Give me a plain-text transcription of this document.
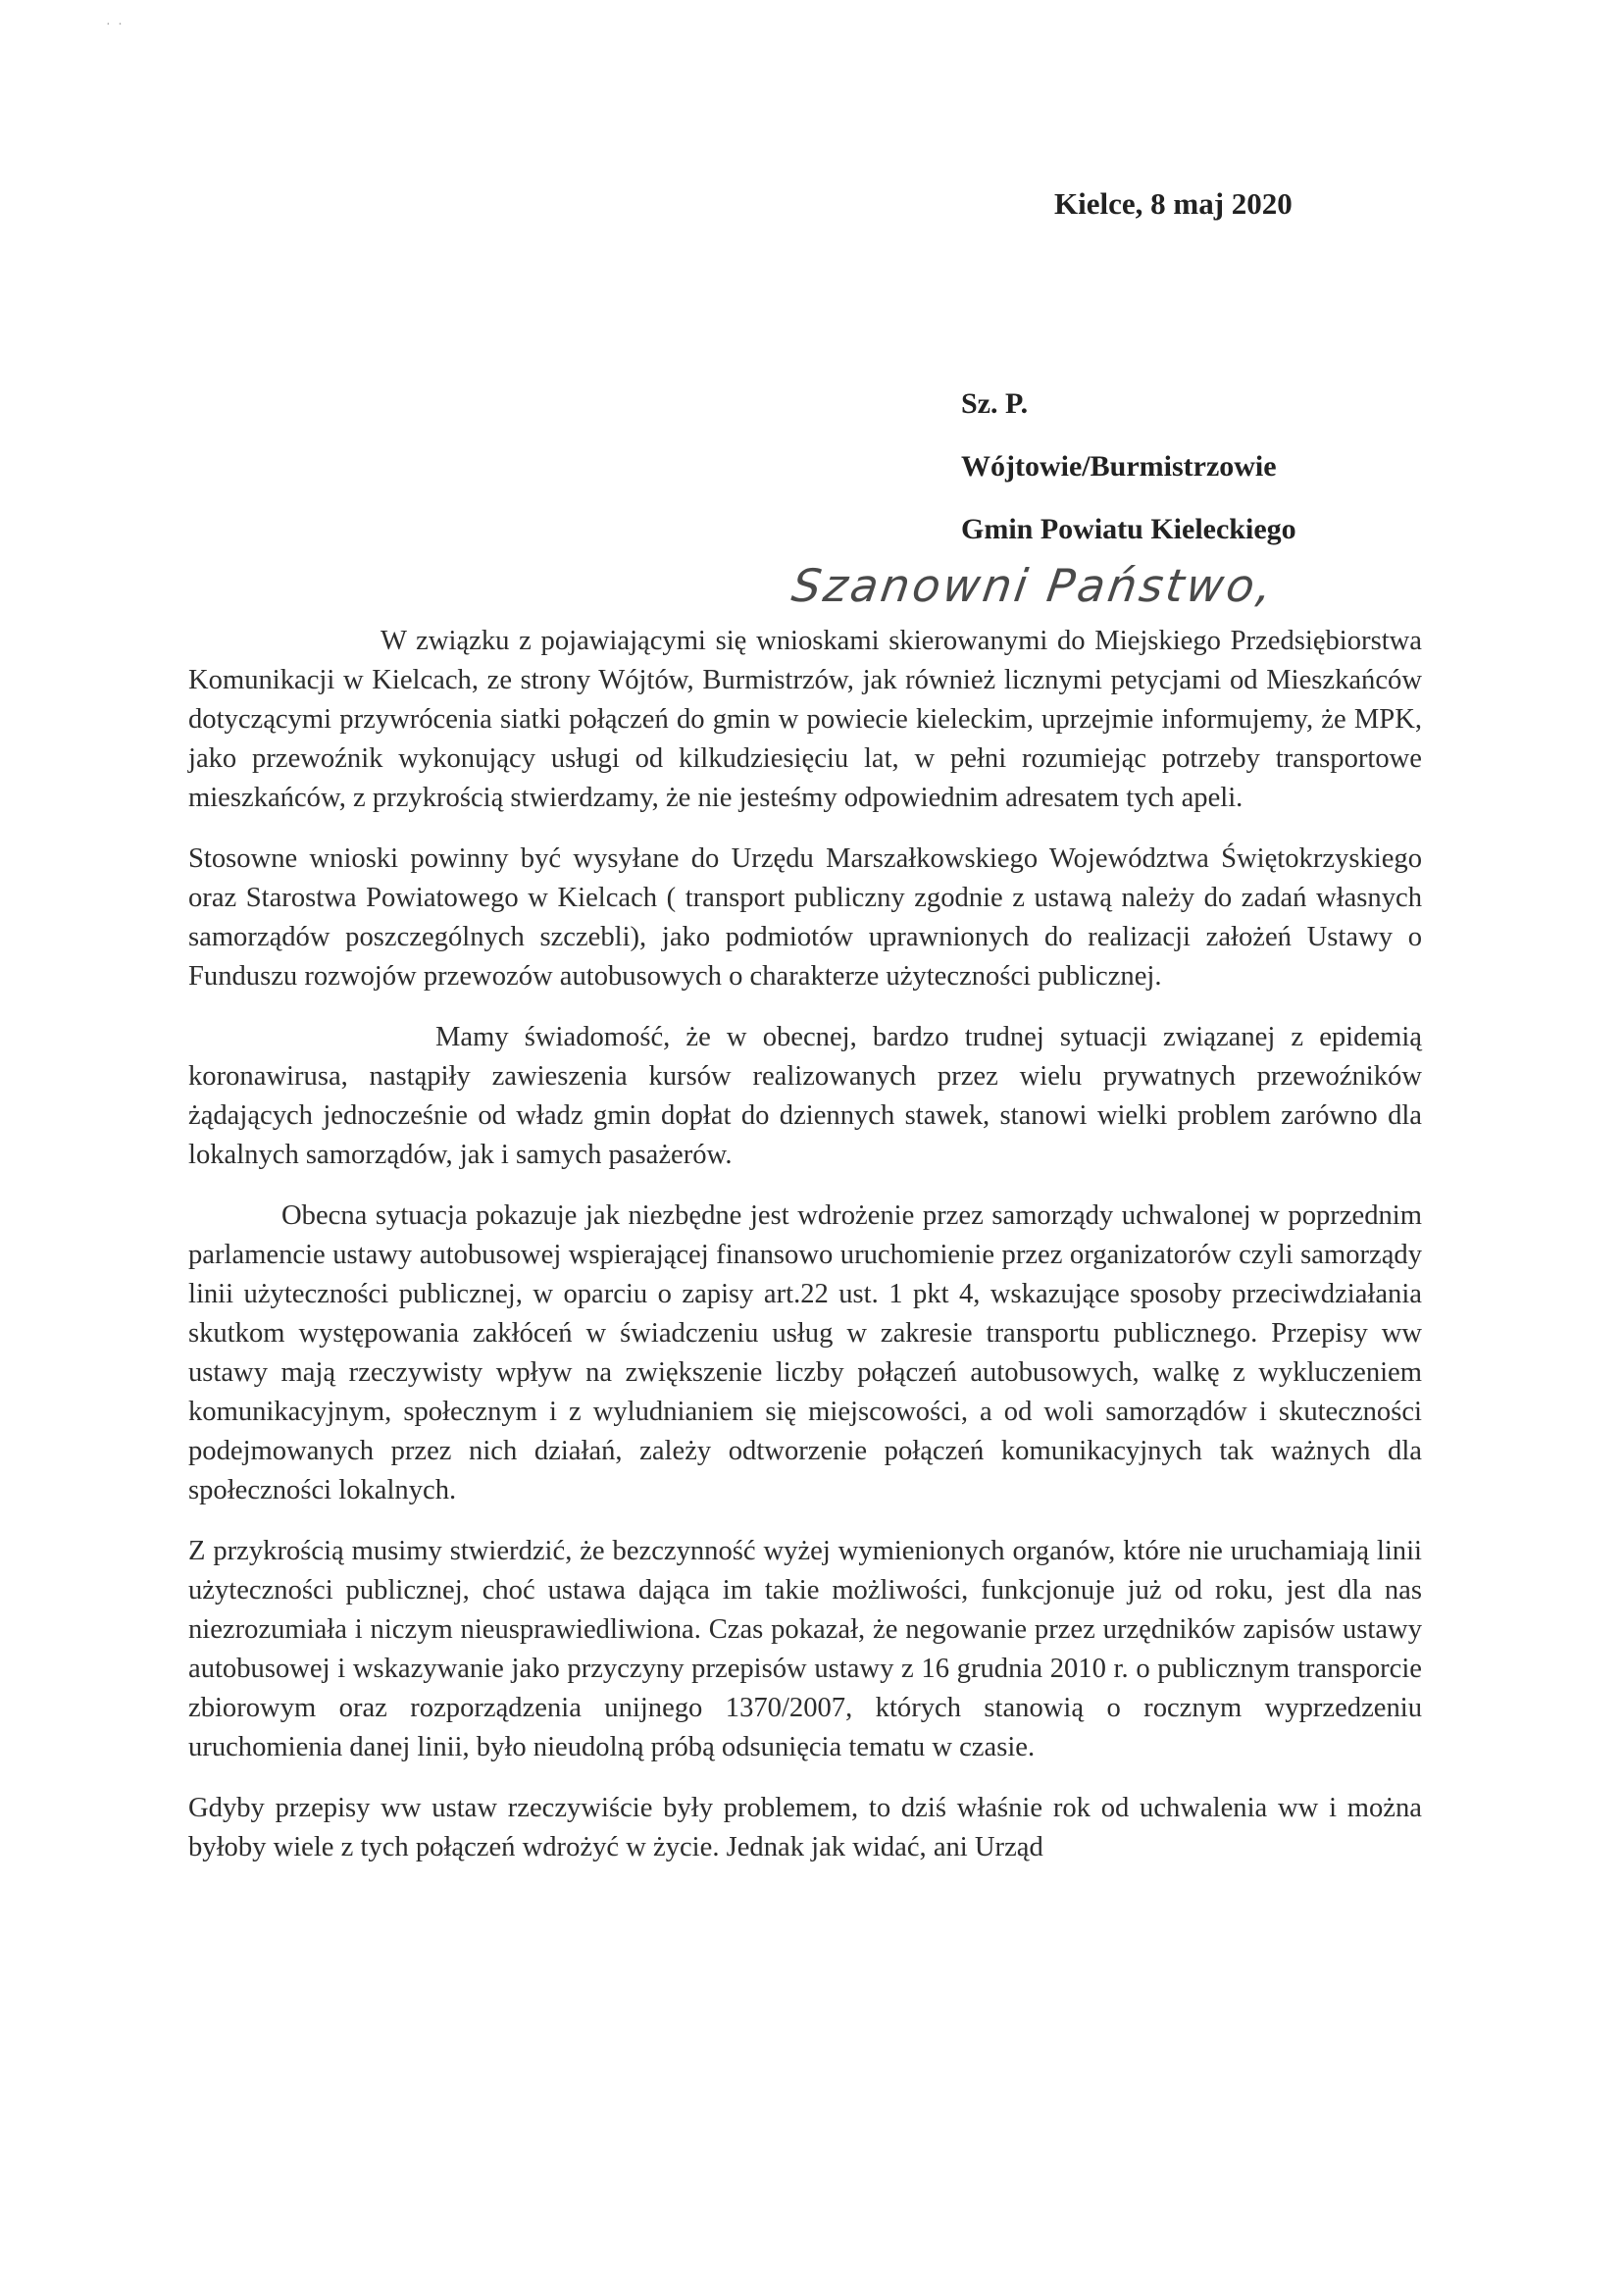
· ·
Kielce, 8 maj 2020
Sz. P.
Wójtowie/Burmistrzowie
Gmin Powiatu Kieleckiego
Szanowni Państwo,

W związku z pojawiającymi się wnioskami skierowanymi do Miejskiego Przedsiębiorstwa Komunikacji w Kielcach, ze strony Wójtów, Burmistrzów, jak również licznymi petycjami od Mieszkańców dotyczącymi przywrócenia siatki połączeń do gmin w powiecie kieleckim, uprzejmie informujemy, że MPK, jako przewoźnik wykonujący usługi od kilkudziesięciu lat, w pełni rozumiejąc potrzeby transportowe mieszkańców, z przykrością stwierdzamy, że nie jesteśmy odpowiednim adresatem tych apeli.

Stosowne wnioski powinny być wysyłane do Urzędu Marszałkowskiego Województwa Świętokrzyskiego oraz Starostwa Powiatowego w Kielcach ( transport publiczny zgodnie z ustawą należy do zadań własnych samorządów poszczególnych szczebli), jako podmiotów uprawnionych do realizacji założeń Ustawy o Funduszu rozwojów przewozów autobusowych o charakterze użyteczności publicznej.

Mamy świadomość, że w obecnej, bardzo trudnej sytuacji związanej z epidemią koronawirusa, nastąpiły zawieszenia kursów realizowanych przez wielu prywatnych przewoźników żądających jednocześnie od władz gmin dopłat do dziennych stawek, stanowi wielki problem zarówno dla lokalnych samorządów, jak i samych pasażerów.

Obecna sytuacja pokazuje jak niezbędne jest wdrożenie przez samorządy uchwalonej w poprzednim parlamencie ustawy autobusowej wspierającej finansowo uruchomienie przez organizatorów czyli samorządy linii użyteczności publicznej, w oparciu o zapisy art.22 ust. 1 pkt 4, wskazujące sposoby przeciwdziałania skutkom występowania zakłóceń w świadczeniu usług w zakresie transportu publicznego. Przepisy ww ustawy mają rzeczywisty wpływ na zwiększenie liczby połączeń autobusowych, walkę z wykluczeniem komunikacyjnym, społecznym i z wyludnianiem się miejscowości, a od woli samorządów i skuteczności podejmowanych przez nich działań, zależy odtworzenie połączeń komunikacyjnych tak ważnych dla społeczności lokalnych.

Z przykrością musimy stwierdzić, że bezczynność wyżej wymienionych organów, które nie uruchamiają linii użyteczności publicznej, choć ustawa dająca im takie możliwości, funkcjonuje już od roku, jest dla nas niezrozumiała i niczym nieusprawiedliwiona. Czas pokazał, że negowanie przez urzędników zapisów ustawy autobusowej i wskazywanie jako przyczyny przepisów ustawy z 16 grudnia 2010 r. o publicznym transporcie zbiorowym oraz rozporządzenia unijnego 1370/2007, których stanowią o rocznym wyprzedzeniu uruchomienia danej linii, było nieudolną próbą odsunięcia tematu w czasie.

Gdyby przepisy ww ustaw rzeczywiście były problemem, to dziś właśnie rok od uchwalenia ww i można byłoby wiele z tych połączeń wdrożyć w życie. Jednak jak widać, ani Urząd
